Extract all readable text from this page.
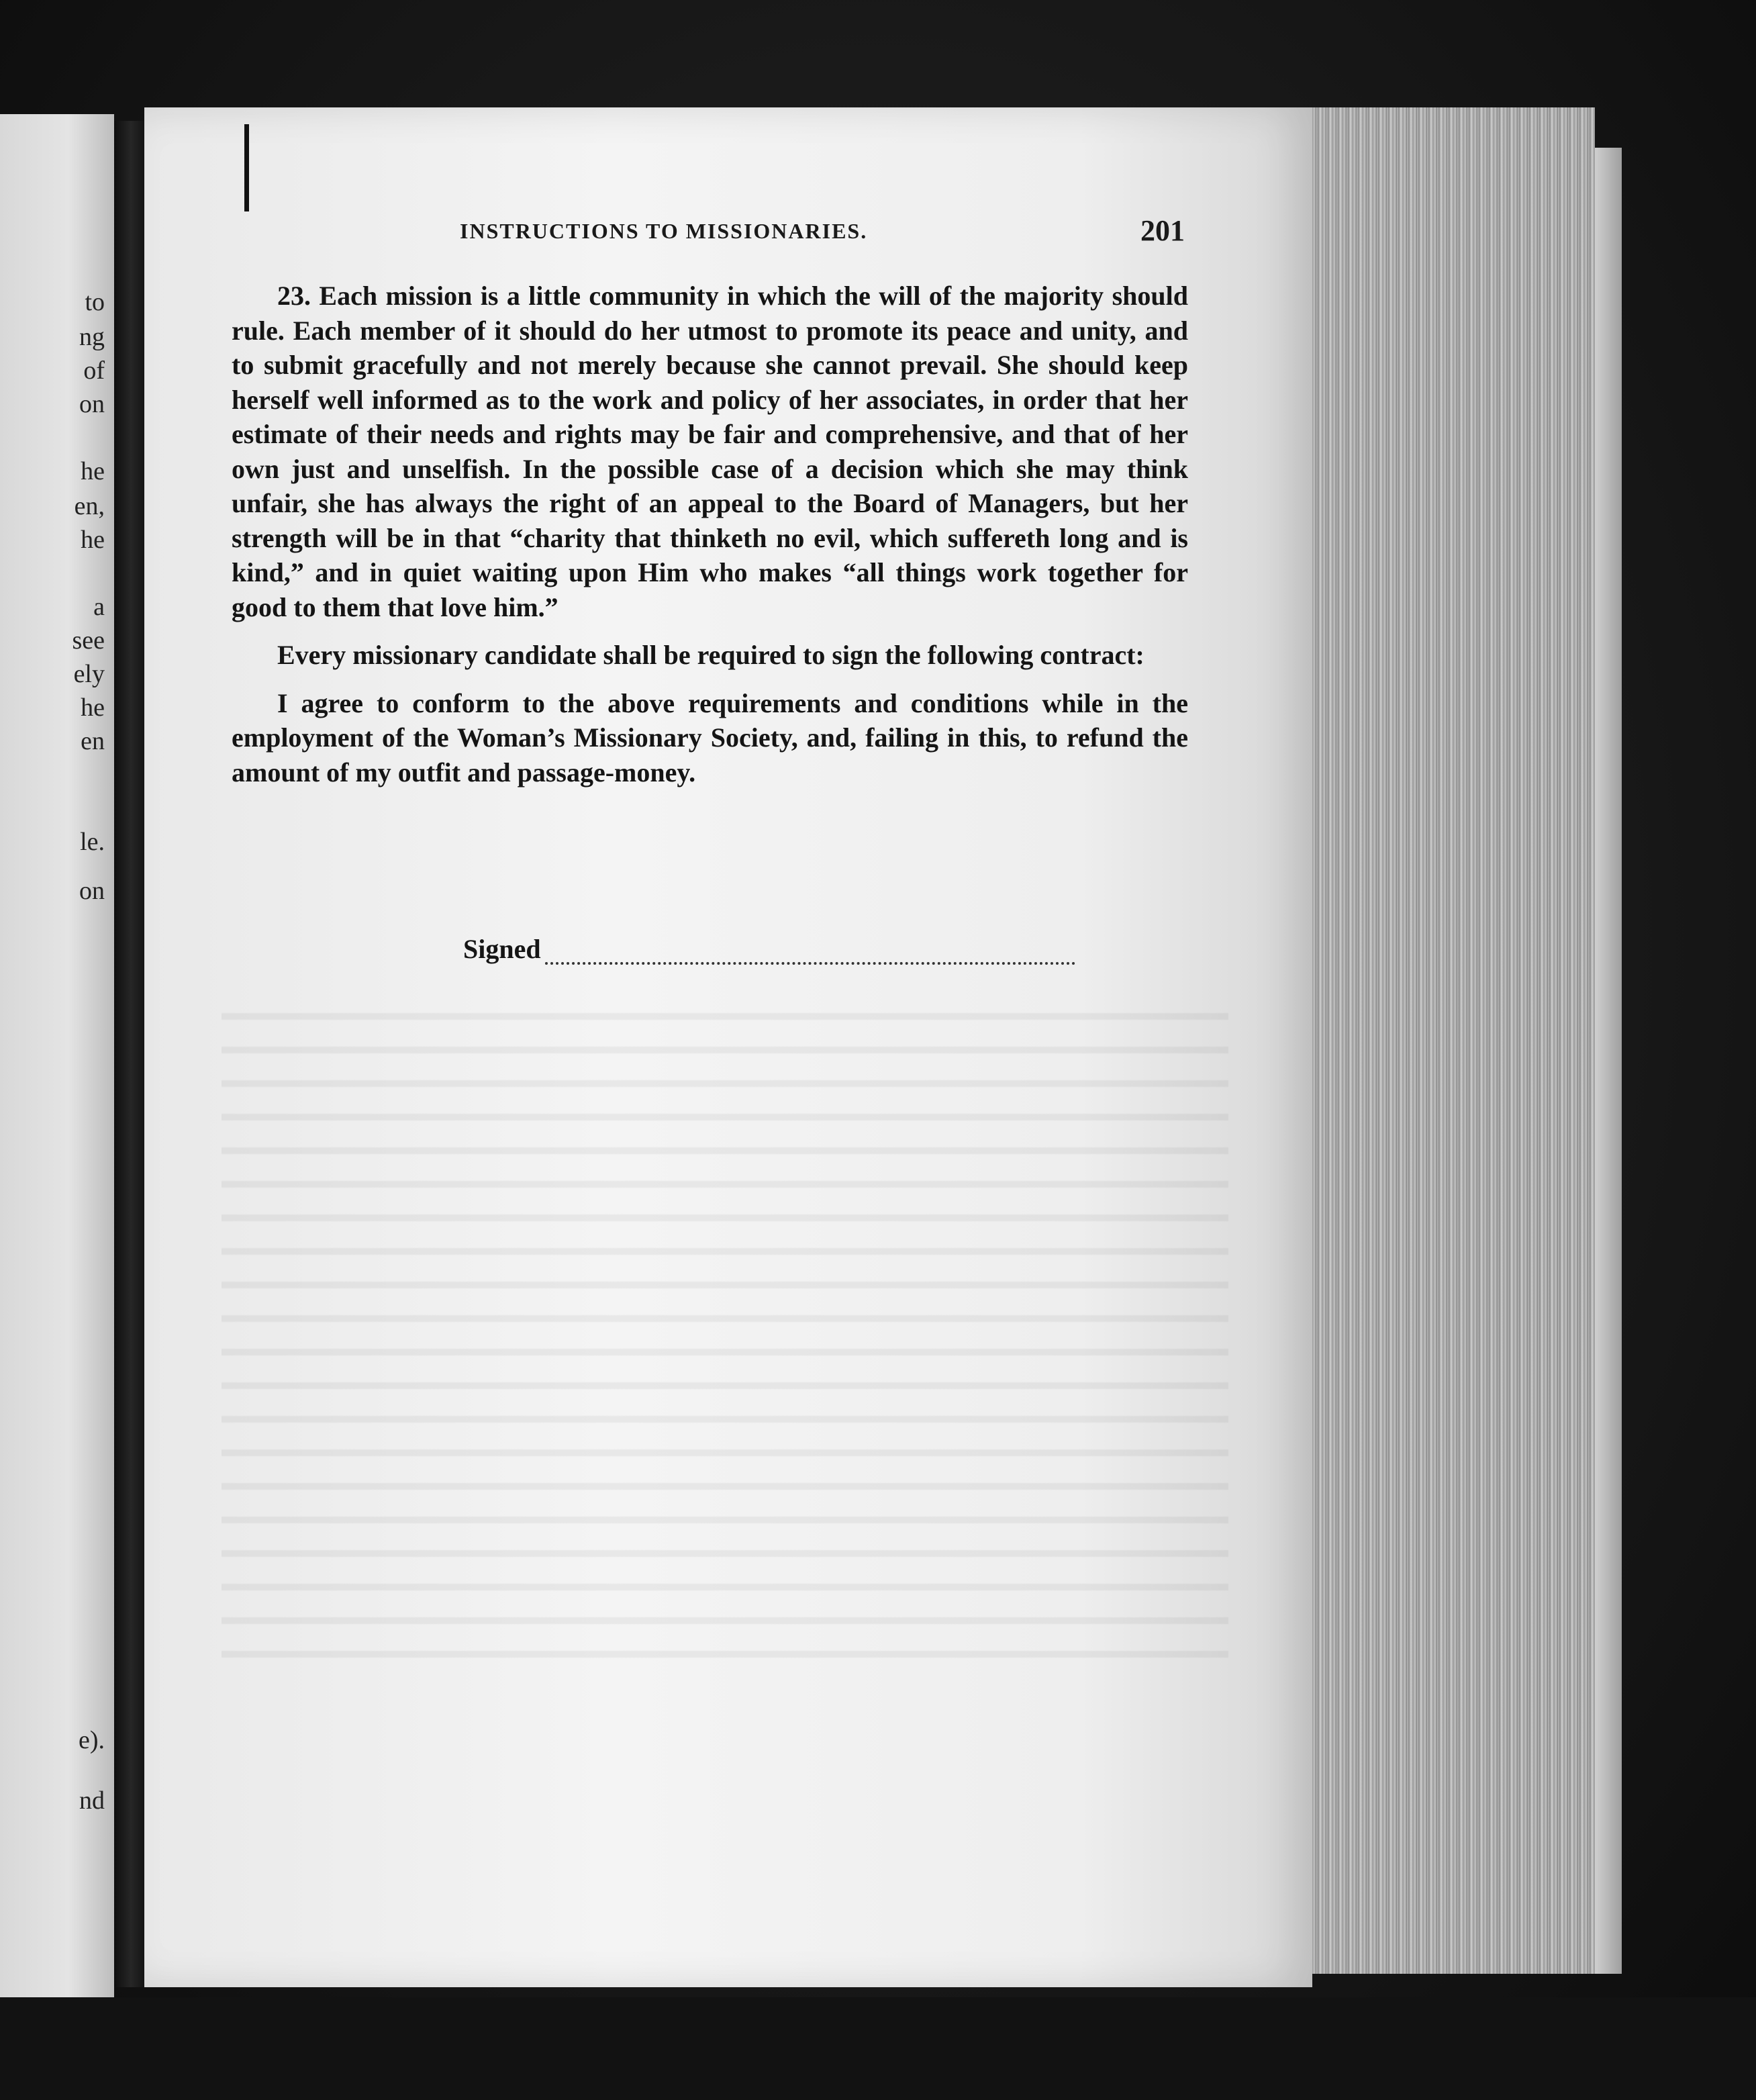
to
ng
of
on
he
en,
he
a
see
ely
he
en
le.
on
e).
nd
INSTRUCTIONS TO MISSIONARIES.	201

23. Each mission is a little community in which the will of the majority should rule. Each member of it should do her utmost to promote its peace and unity, and to submit gracefully and not merely because she cannot prevail. She should keep herself well informed as to the work and policy of her associates, in order that her estimate of their needs and rights may be fair and comprehensive, and that of her own just and unselfish. In the possible case of a decision which she may think unfair, she has always the right of an appeal to the Board of Managers, but her strength will be in that “charity that thinketh no evil, which suffereth long and is kind,” and in quiet waiting upon Him who makes “all things work together for good to them that love him.”

Every missionary candidate shall be required to sign the following contract:

I agree to conform to the above requirements and conditions while in the employment of the Woman’s Missionary Society, and, failing in this, to refund the amount of my outfit and passage-money.

Signed
